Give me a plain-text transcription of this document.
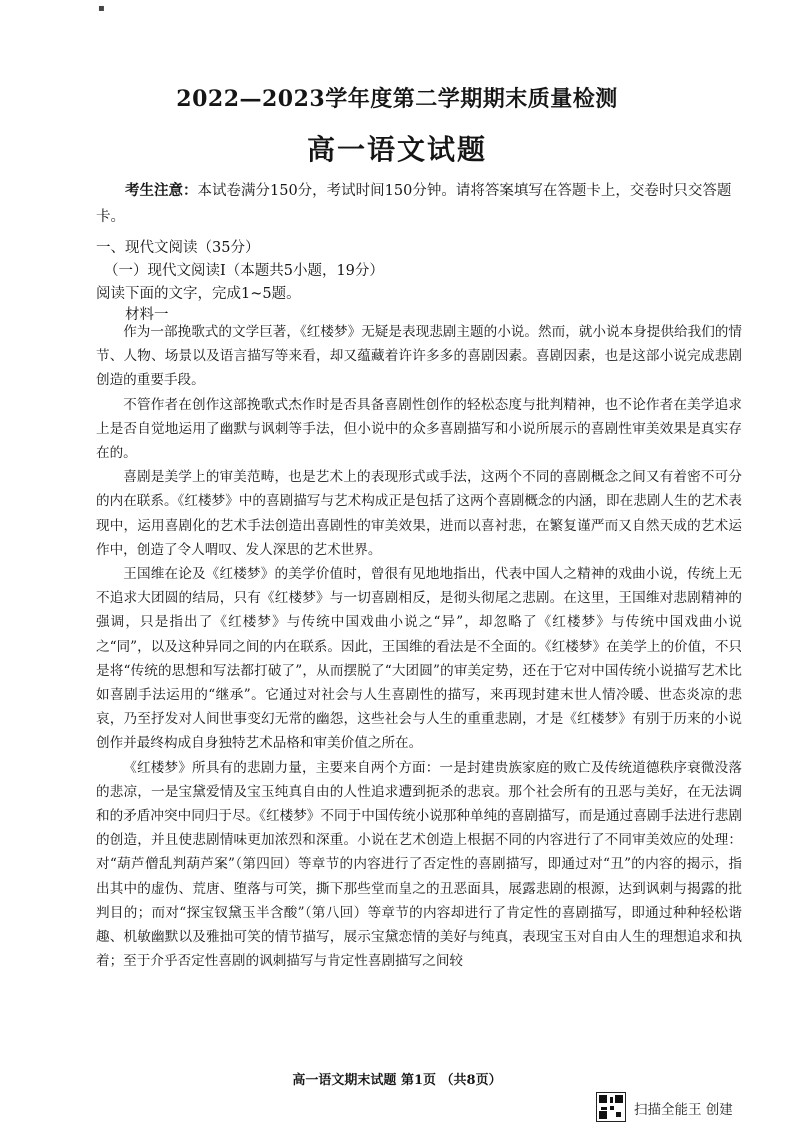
▪
2022—2023学年度第二学期期末质量检测
高一语文试题
考生注意：本试卷满分150分，考试时间150分钟。请将答案填写在答题卡上，交卷时只交答题卡。
一、现代文阅读（35分）
（一）现代文阅读Ⅰ（本题共5小题，19分）
阅读下面的文字，完成1~5题。
材料一

作为一部挽歌式的文学巨著，《红楼梦》无疑是表现悲剧主题的小说。然而，就小说本身提供给我们的情节、人物、场景以及语言描写等来看，却又蕴藏着许许多多的喜剧因素。喜剧因素，也是这部小说完成悲剧创造的重要手段。

不管作者在创作这部挽歌式杰作时是否具备喜剧性创作的轻松态度与批判精神，也不论作者在美学追求上是否自觉地运用了幽默与讽刺等手法，但小说中的众多喜剧描写和小说所展示的喜剧性审美效果是真实存在的。

喜剧是美学上的审美范畴，也是艺术上的表现形式或手法，这两个不同的喜剧概念之间又有着密不可分的内在联系。《红楼梦》中的喜剧描写与艺术构成正是包括了这两个喜剧概念的内涵，即在悲剧人生的艺术表现中，运用喜剧化的艺术手法创造出喜剧性的审美效果，进而以喜衬悲，在繁复谨严而又自然天成的艺术运作中，创造了令人喟叹、发人深思的艺术世界。

王国维在论及《红楼梦》的美学价值时，曾很有见地地指出，代表中国人之精神的戏曲小说，传统上无不追求大团圆的结局，只有《红楼梦》与一切喜剧相反，是彻头彻尾之悲剧。在这里，王国维对悲剧精神的强调，只是指出了《红楼梦》与传统中国戏曲小说之“异”，却忽略了《红楼梦》与传统中国戏曲小说之“同”，以及这种异同之间的内在联系。因此，王国维的看法是不全面的。《红楼梦》在美学上的价值，不只是将“传统的思想和写法都打破了”，从而摆脱了“大团圆”的审美定势，还在于它对中国传统小说描写艺术比如喜剧手法运用的“继承”。它通过对社会与人生喜剧性的描写，来再现封建末世人情冷暖、世态炎凉的悲哀，乃至抒发对人间世事变幻无常的幽怨，这些社会与人生的重重悲剧，才是《红楼梦》有别于历来的小说创作并最终构成自身独特艺术品格和审美价值之所在。

《红楼梦》所具有的悲剧力量，主要来自两个方面：一是封建贵族家庭的败亡及传统道德秩序衰微没落的悲凉，一是宝黛爱情及宝玉纯真自由的人性追求遭到扼杀的悲哀。那个社会所有的丑恶与美好，在无法调和的矛盾冲突中同归于尽。《红楼梦》不同于中国传统小说那种单纯的喜剧描写，而是通过喜剧手法进行悲剧的创造，并且使悲剧情味更加浓烈和深重。小说在艺术创造上根据不同的内容进行了不同审美效应的处理：对“葫芦僧乱判葫芦案”（第四回）等章节的内容进行了否定性的喜剧描写，即通过对“丑”的内容的揭示，指出其中的虚伪、荒唐、堕落与可笑，撕下那些堂而皇之的丑恶面具，展露悲剧的根源，达到讽刺与揭露的批判目的；而对“探宝钗黛玉半含酸”（第八回）等章节的内容却进行了肯定性的喜剧描写，即通过种种轻松谐趣、机敏幽默以及雅拙可笑的情节描写，展示宝黛恋情的美好与纯真，表现宝玉对自由人生的理想追求和执着；至于介乎否定性喜剧的讽刺描写与肯定性喜剧描写之间较

高一语文期末试题 第1页 （共8页）
扫描全能王 创建
